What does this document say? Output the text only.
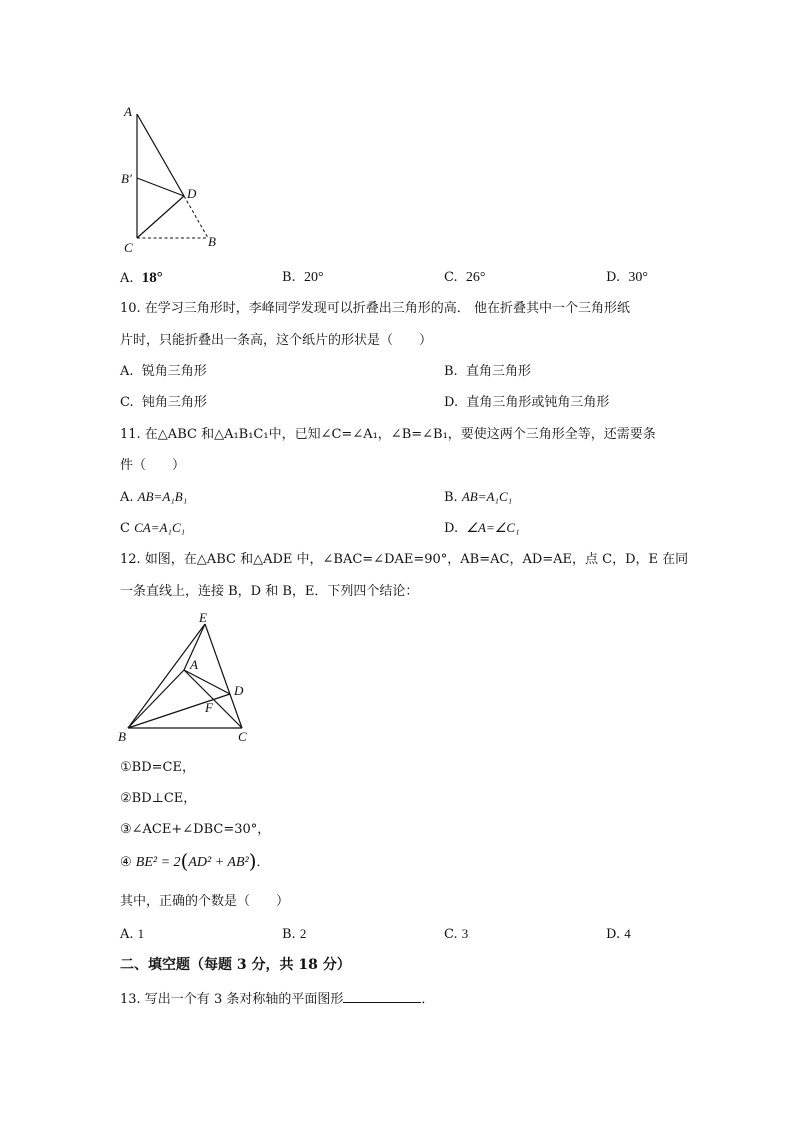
A
B′
D
C	B
A. 18°	B. 20°	C. 26°	D. 30°
10. 在学习三角形时，李峰同学发现可以折叠出三角形的高． 他在折叠其中一个三角形纸
片时，只能折叠出一条高，这个纸片的形状是（　　）
A. 锐角三角形	B. 直角三角形
C. 钝角三角形	D. 直角三角形或钝角三角形
11. 在△ABC 和△A₁B₁C₁中，已知∠C=∠A₁，∠B=∠B₁，要使这两个三角形全等，还需要条
件（　　）
A. AB=A₁B₁	B. AB=A₁C₁
C CA=A₁C₁	D. ∠A=∠C₁
12. 如图，在△ABC 和△ADE 中，∠BAC=∠DAE=90°，AB=AC，AD=AE，点 C，D，E 在同
一条直线上，连接 B，D 和 B，E．下列四个结论：
E
A
D
F
B	C
①BD=CE，
②BD⊥CE，
③∠ACE+∠DBC=30°，
④ BE² = 2(AD² + AB²)．
其中，正确的个数是（　　）
A. 1	B. 2	C. 3	D. 4
二、填空题（每题 3 分，共 18 分）
13. 写出一个有 3 条对称轴的平面图形	．
